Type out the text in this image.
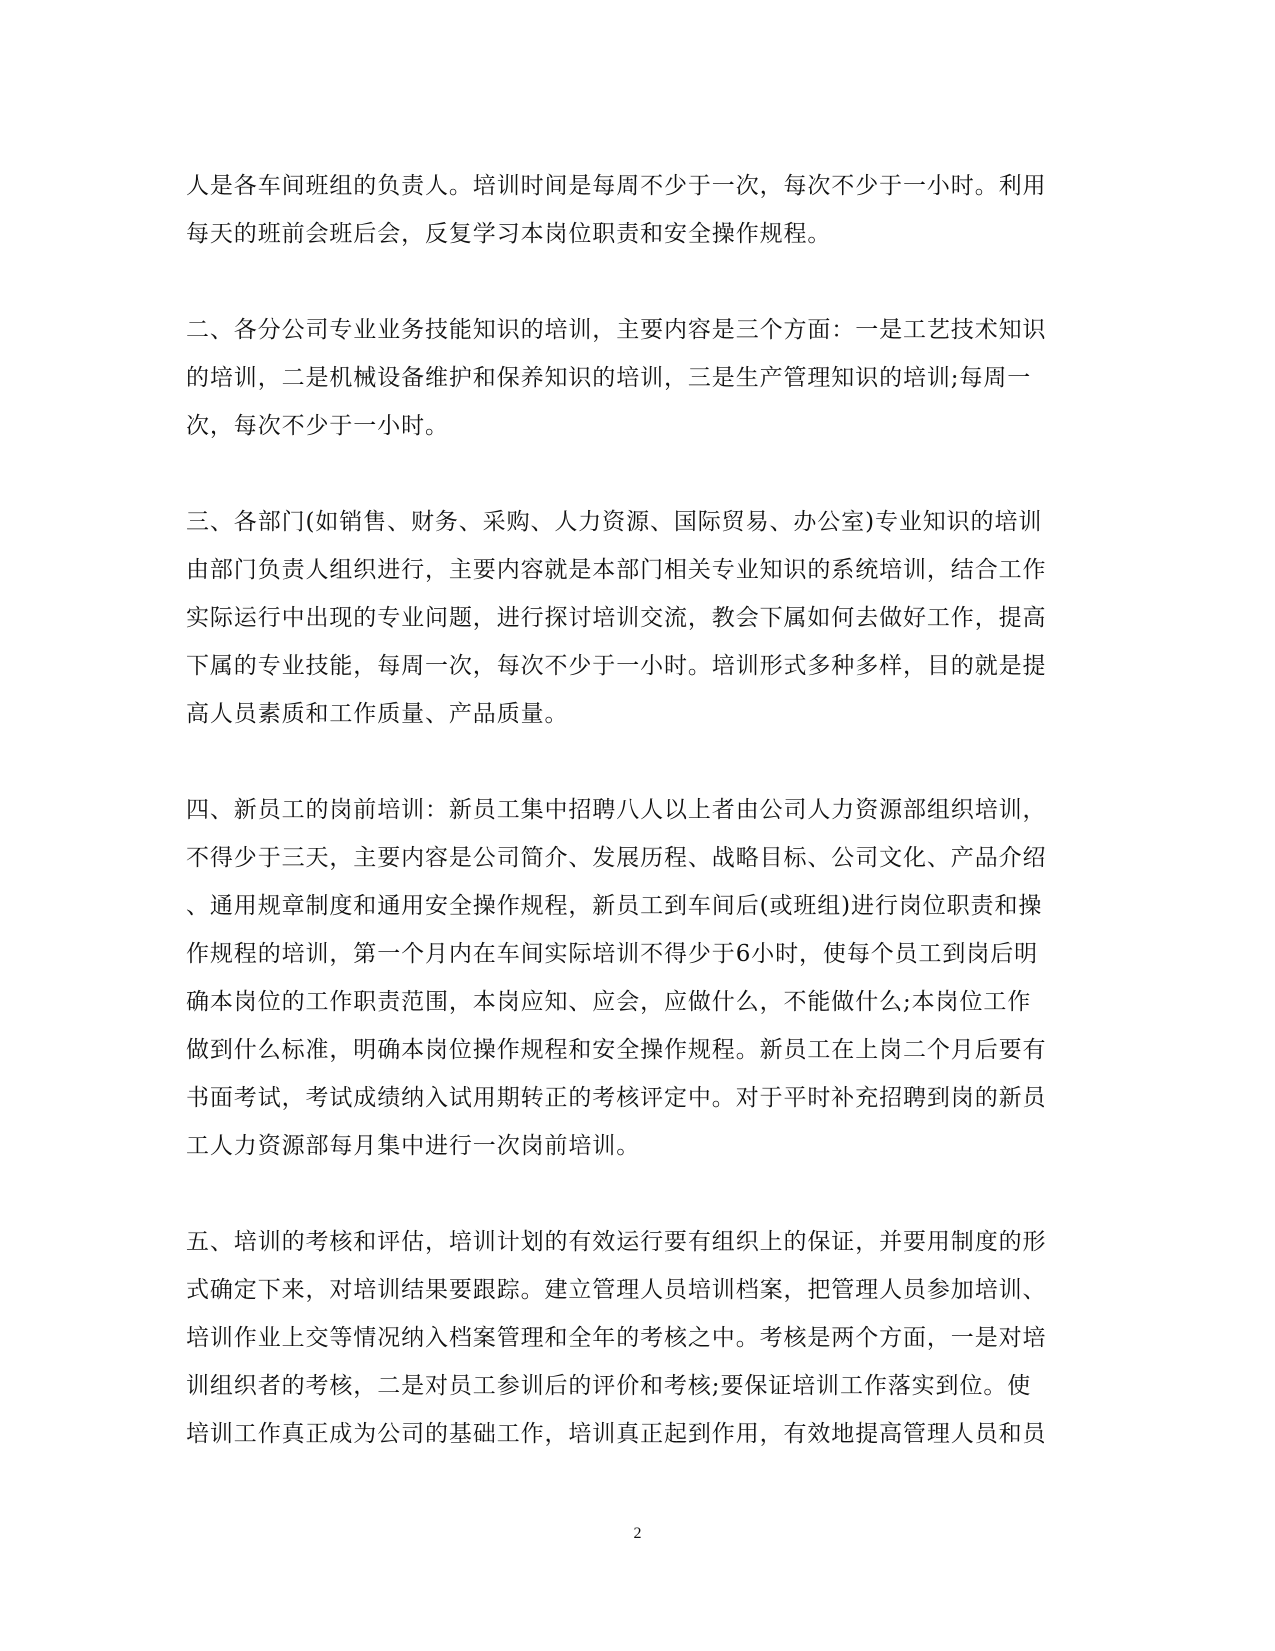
人是各车间班组的负责人。培训时间是每周不少于一次，每次不少于一小时。利用
每天的班前会班后会，反复学习本岗位职责和安全操作规程。
二、各分公司专业业务技能知识的培训，主要内容是三个方面：一是工艺技术知识
的培训，二是机械设备维护和保养知识的培训，三是生产管理知识的培训;每周一
次，每次不少于一小时。
三、各部门(如销售、财务、采购、人力资源、国际贸易、办公室)专业知识的培训
由部门负责人组织进行，主要内容就是本部门相关专业知识的系统培训，结合工作
实际运行中出现的专业问题，进行探讨培训交流，教会下属如何去做好工作，提高
下属的专业技能，每周一次，每次不少于一小时。培训形式多种多样，目的就是提
高人员素质和工作质量、产品质量。
四、新员工的岗前培训：新员工集中招聘八人以上者由公司人力资源部组织培训，
不得少于三天，主要内容是公司简介、发展历程、战略目标、公司文化、产品介绍
、通用规章制度和通用安全操作规程，新员工到车间后(或班组)进行岗位职责和操
作规程的培训，第一个月内在车间实际培训不得少于6小时，使每个员工到岗后明
确本岗位的工作职责范围，本岗应知、应会，应做什么，不能做什么;本岗位工作
做到什么标准，明确本岗位操作规程和安全操作规程。新员工在上岗二个月后要有
书面考试，考试成绩纳入试用期转正的考核评定中。对于平时补充招聘到岗的新员
工人力资源部每月集中进行一次岗前培训。
五、培训的考核和评估，培训计划的有效运行要有组织上的保证，并要用制度的形
式确定下来，对培训结果要跟踪。建立管理人员培训档案，把管理人员参加培训、
培训作业上交等情况纳入档案管理和全年的考核之中。考核是两个方面，一是对培
训组织者的考核，二是对员工参训后的评价和考核;要保证培训工作落实到位。使
培训工作真正成为公司的基础工作，培训真正起到作用，有效地提高管理人员和员
2
